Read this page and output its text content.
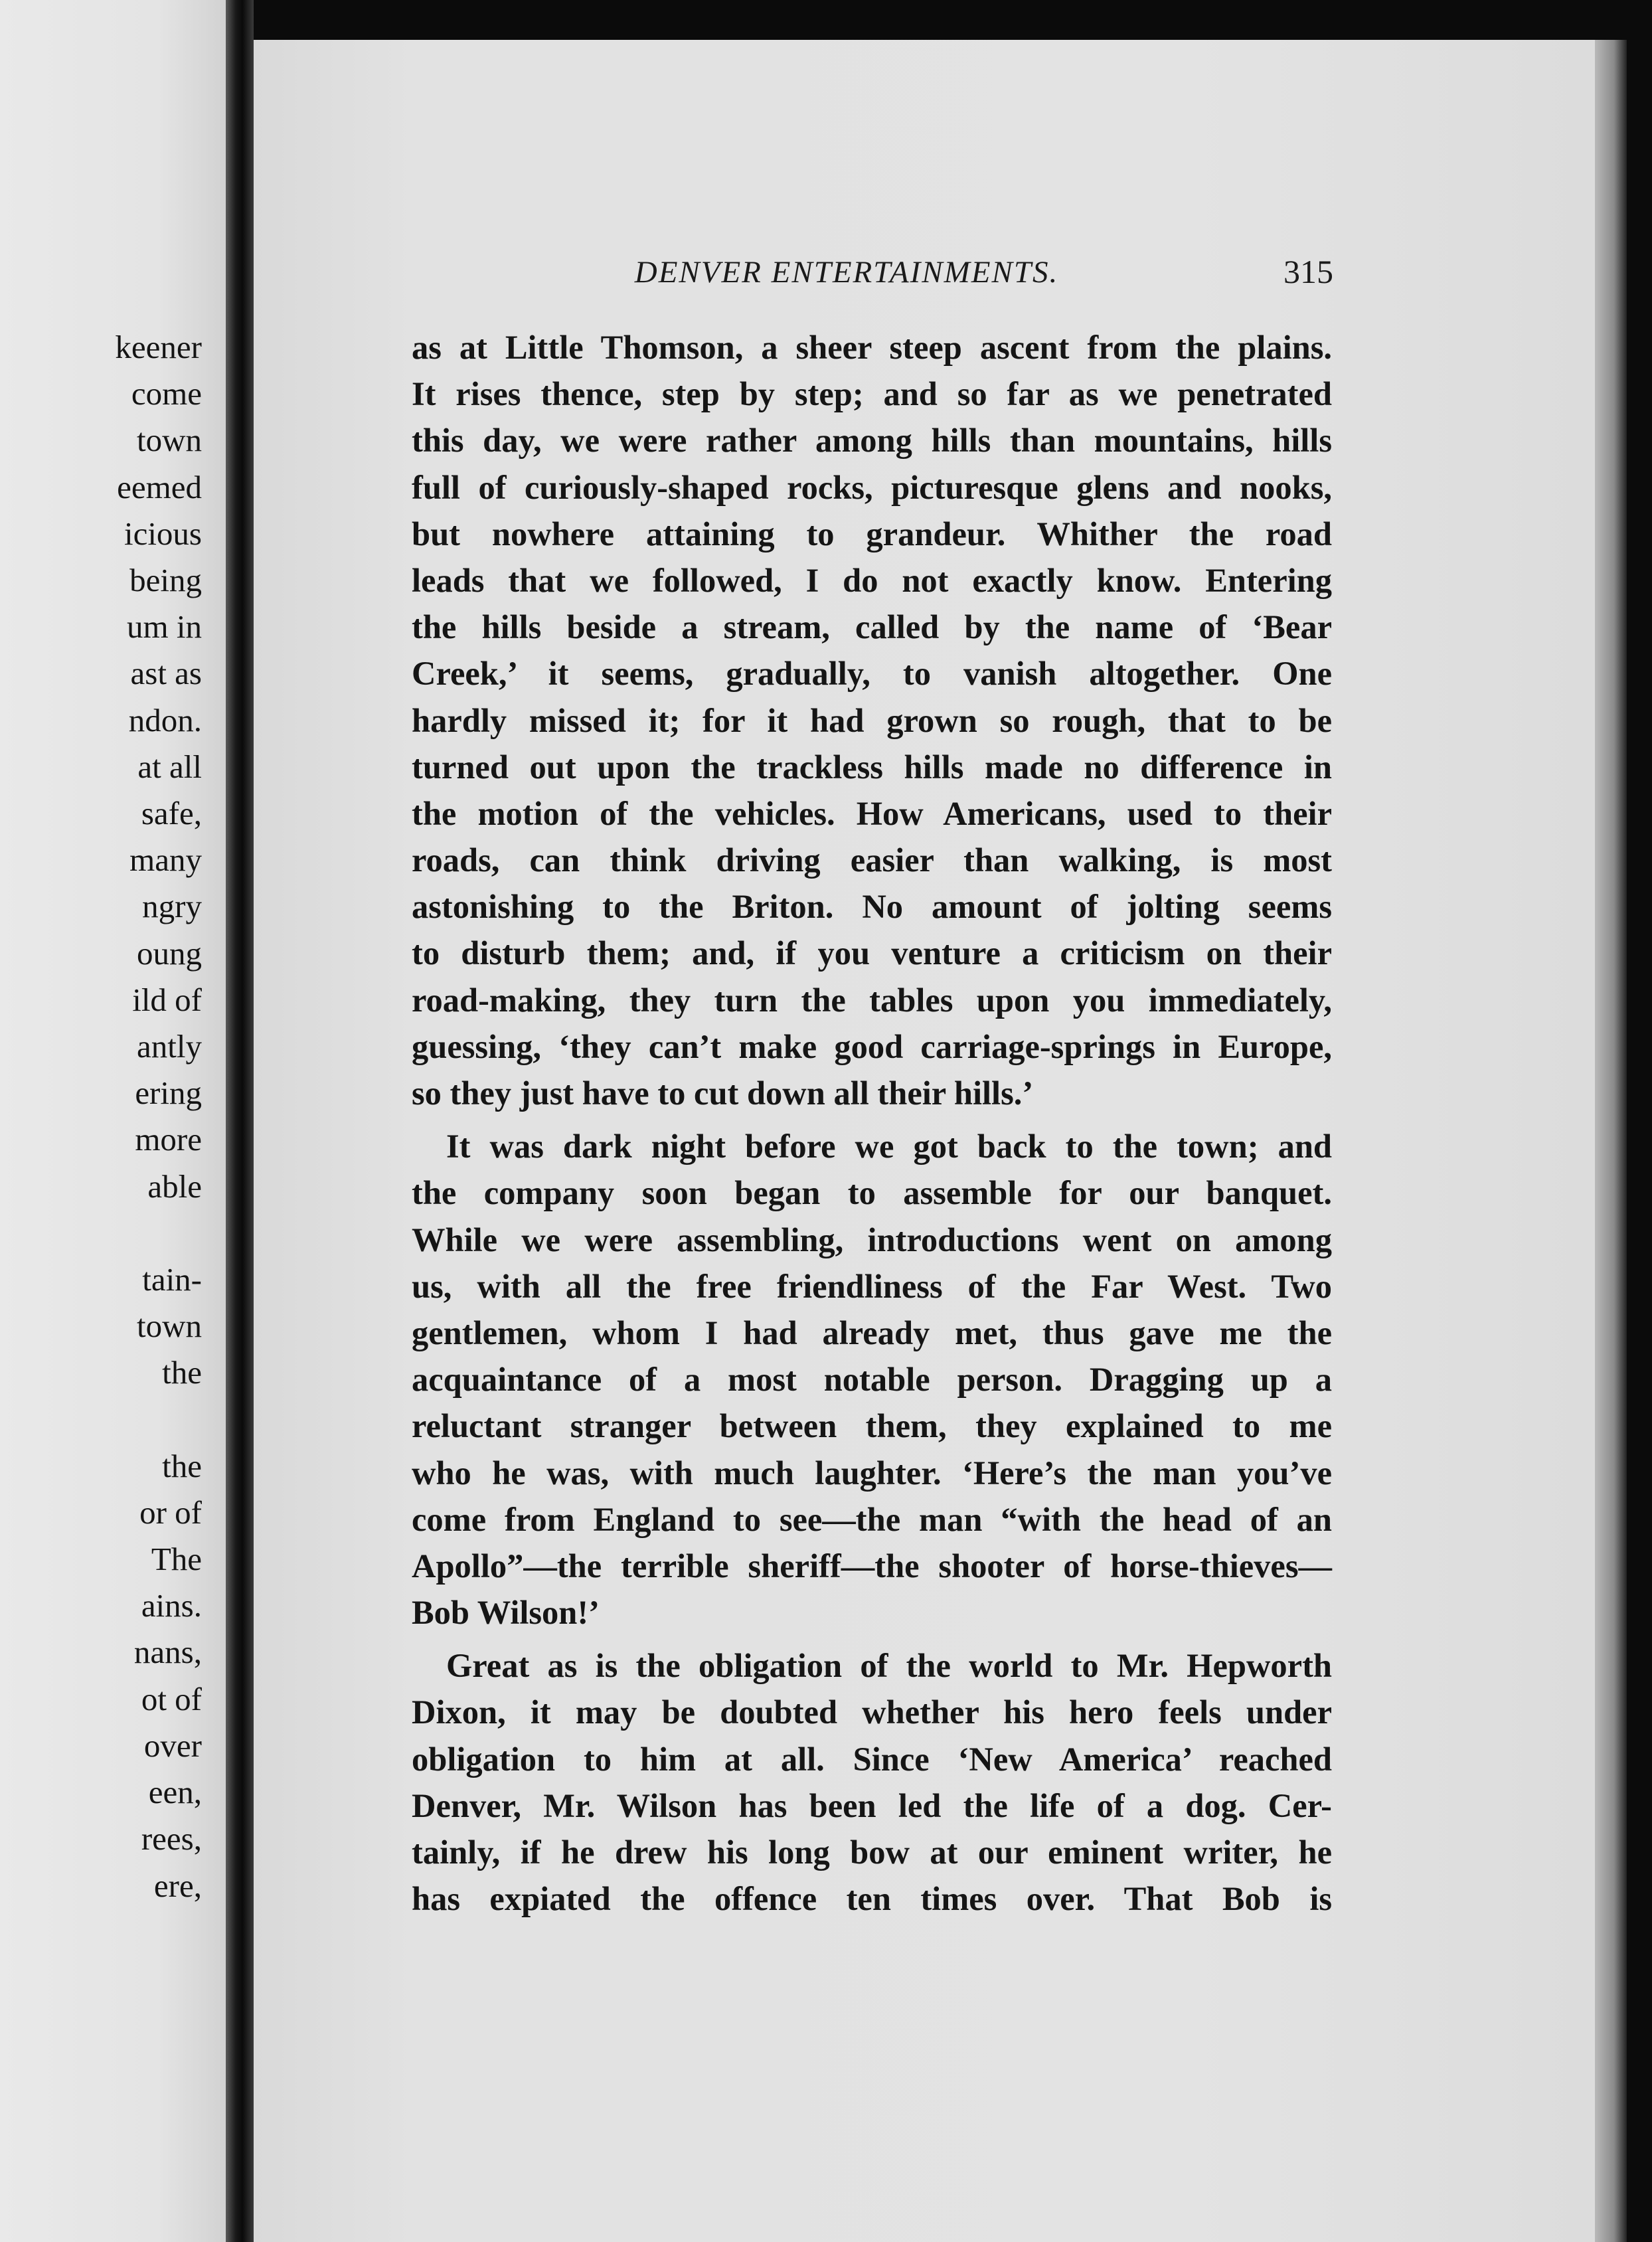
keener
come
town
eemed
icious
being
um in
ast as
ndon.
at all
safe,
many
ngry
oung
ild of
antly
ering
more
able
tain-
town
the

the
or of
The
ains.
nans,
ot of
over
een,
rees,
ere,
DENVER ENTERTAINMENTS.	315
as at Little Thomson, a sheer steep ascent from the plains.
It rises thence, step by step; and so far as we penetrated
this day, we were rather among hills than mountains, hills
full of curiously-shaped rocks, picturesque glens and nooks,
but nowhere attaining to grandeur. Whither the road
leads that we followed, I do not exactly know. Entering
the hills beside a stream, called by the name of ‘Bear
Creek,’ it seems, gradually, to vanish altogether. One
hardly missed it; for it had grown so rough, that to be
turned out upon the trackless hills made no difference in
the motion of the vehicles. How Americans, used to their
roads, can think driving easier than walking, is most
astonishing to the Briton. No amount of jolting seems
to disturb them; and, if you venture a criticism on their
road-making, they turn the tables upon you immediately,
guessing, ‘they can’t make good carriage-springs in Europe,
so they just have to cut down all their hills.’
It was dark night before we got back to the town; and
the company soon began to assemble for our banquet.
While we were assembling, introductions went on among
us, with all the free friendliness of the Far West. Two
gentlemen, whom I had already met, thus gave me the
acquaintance of a most notable person. Dragging up a
reluctant stranger between them, they explained to me
who he was, with much laughter. ‘Here’s the man you’ve
come from England to see—the man “with the head of an
Apollo”—the terrible sheriff—the shooter of horse-thieves—
Bob Wilson!’
Great as is the obligation of the world to Mr. Hepworth
Dixon, it may be doubted whether his hero feels under
obligation to him at all. Since ‘New America’ reached
Denver, Mr. Wilson has been led the life of a dog. Cer-
tainly, if he drew his long bow at our eminent writer, he
has expiated the offence ten times over. That Bob is
